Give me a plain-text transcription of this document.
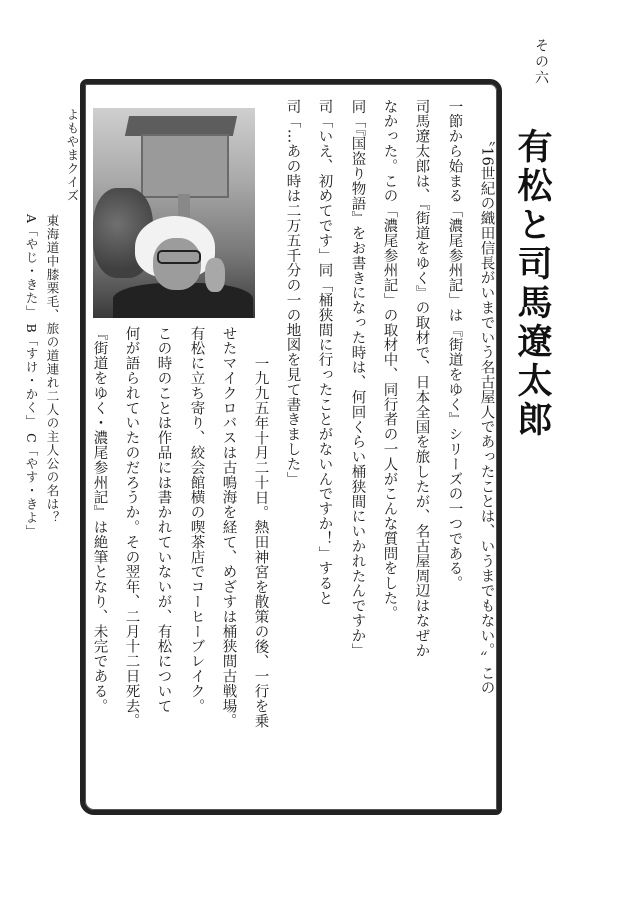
その六
有松と司馬遼太郎
〝16世紀の織田信長がいまでいう名古屋人であったことは、いうまでもない。〟この
一節から始まる「濃尾参州記」は『街道をゆく』シリーズの一つである。
司馬遼太郎は、『街道をゆく』の取材で、日本全国を旅したが、名古屋周辺はなぜか
なかった。この「濃尾参州記」の取材中、同行者の一人がこんな質問をした。
同「『国盗り物語』をお書きになった時は、何回くらい桶狭間にいかれたんですか」
司「いえ、初めてです」同「桶狭間に行ったことがないんですか！」すると
司「…あの時は二万五千分の一の地図を見て書きました」
一九九五年十月二十日。熱田神宮を散策の後、一行を乗
せたマイクロバスは古鳴海を経て、めざすは桶狭間古戦場。
有松に立ち寄り、絞会館横の喫茶店でコーヒーブレイク。
この時のことは作品には書かれていないが、有松について
何が語られていたのだろうか。その翌年、二月十二日死去。
『街道をゆく・濃尾参州記』は絶筆となり、未完である。
よもやまクイズ
東海道中膝栗毛、旅の道連れ二人の主人公の名は？
A「やじ・きた」 B「すけ・かく」 C「やす・きよ」
